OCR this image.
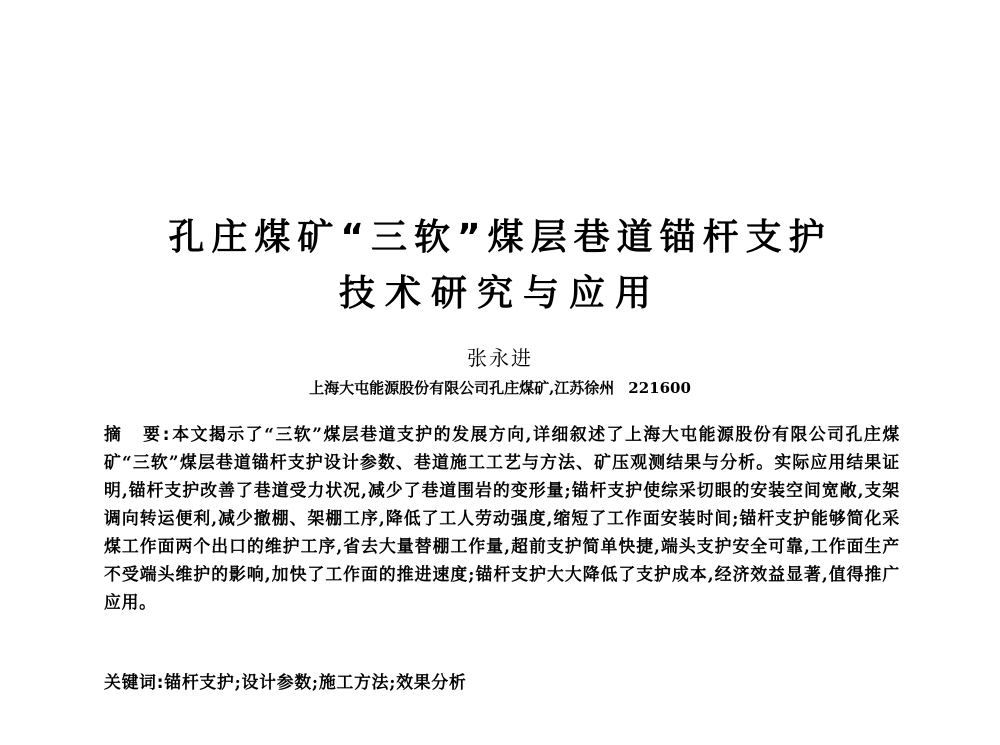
孔庄煤矿“三软”煤层巷道锚杆支护
技术研究与应用
张永进
上海大屯能源股份有限公司孔庄煤矿,江苏徐州 221600
摘　要:本文揭示了“三软”煤层巷道支护的发展方向,详细叙述了上海大屯能源股份有限公司孔庄煤矿“三软”煤层巷道锚杆支护设计参数、巷道施工工艺与方法、矿压观测结果与分析。实际应用结果证明,锚杆支护改善了巷道受力状况,减少了巷道围岩的变形量;锚杆支护使综采切眼的安装空间宽敞,支架调向转运便利,减少撤棚、架棚工序,降低了工人劳动强度,缩短了工作面安装时间;锚杆支护能够简化采煤工作面两个出口的维护工序,省去大量替棚工作量,超前支护简单快捷,端头支护安全可靠,工作面生产不受端头维护的影响,加快了工作面的推进速度;锚杆支护大大降低了支护成本,经济效益显著,值得推广应用。
关键词:锚杆支护;设计参数;施工方法;效果分析
